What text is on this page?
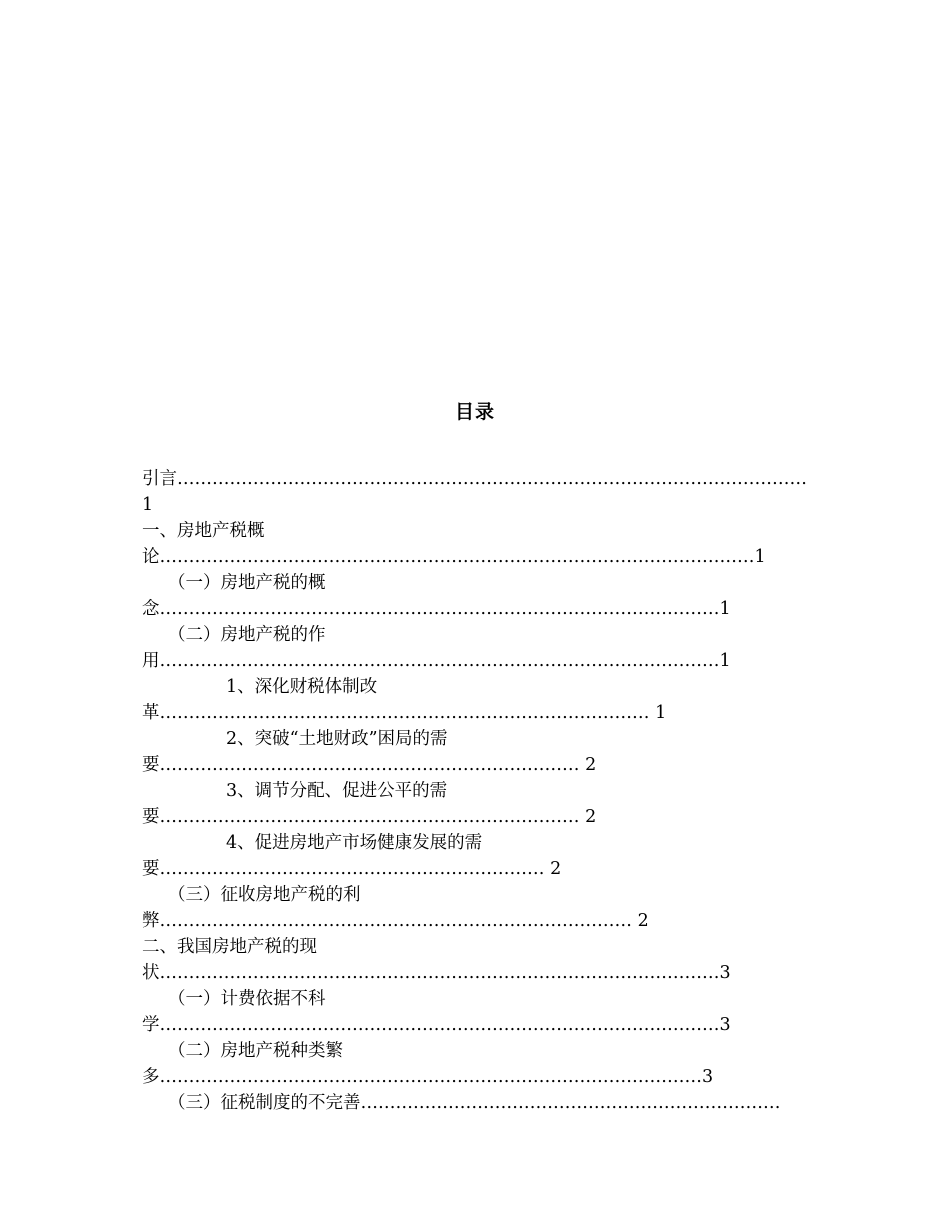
目录
引言………………………………………………………………………………………………1
一、房地产税概论…………………………………………………………………………………………1
（一）房地产税的概念……………………………………………………………………………………1
（二）房地产税的作用……………………………………………………………………………………1
1、深化财税体制改革………………………………………………………………………… 1
2、突破“土地财政”困局的需要……………………………………………………………… 2
3、调节分配、促进公平的需要……………………………………………………………… 2
4、促进房地产市场健康发展的需要………………………………………………………… 2
（三）征收房地产税的利弊……………………………………………………………………… 2
二、我国房地产税的现状……………………………………………………………………………………3
（一）计费依据不科学……………………………………………………………………………………3
（二）房地产税种类繁多…………………………………………………………………………………3
（三）征税制度的不完善………………………………………………………………
